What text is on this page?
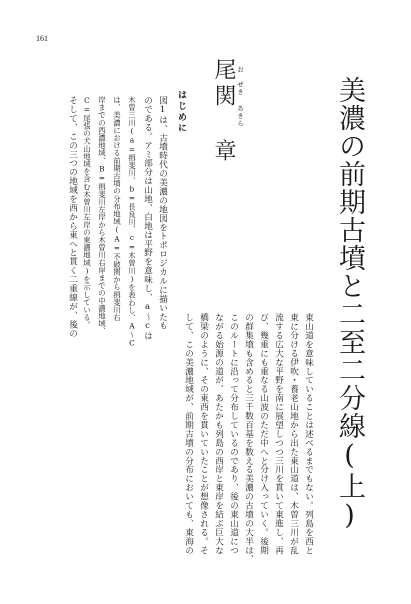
161
美濃の前期古墳と二至二分線(上)
お　ぜき あきら
尾関 章
はじめに
図1は、古墳時代の美濃の地図をトポロジカルに描いたも
のである。アミ部分は山地、白地は平野を意味し、a〜cは
木曽三川(a=揖斐川、b=長良川、c=木曽川)を表わし、A〜C
は、美濃における前期古墳の分布地域(A=不破関から揖斐川右
岸までの西濃地域、B=揖斐川左岸から木曽川右岸までの中濃地域、
C=尾張の犬山地域を含む木曽川左岸の東濃地域)を示している。
そして、この三つの地域を西から東へと貫く二重線が、後の
東山道を意味していることは述べるまでもない。列島を西と
東に分ける伊吹・養老山地から出た東山道は、木曽三川が乱
流する広大な平野を南に展望しつつ三川を貫いて東進し、再
び、幾重にも重なる山波のただ中へと分け入っていく。後期
の群集墳も含めると三千数百基を数える美濃の古墳の大半は、
このルートに沿って分布しているのであり、後の東山道につ
ながる始源の道が、あたかも列島の西岸と東岸を結ぶ巨大な
橋梁のように、その東西を貫いていたことが想像される。そ
して、この美濃地域が、前期古墳の分布においても、東海の
